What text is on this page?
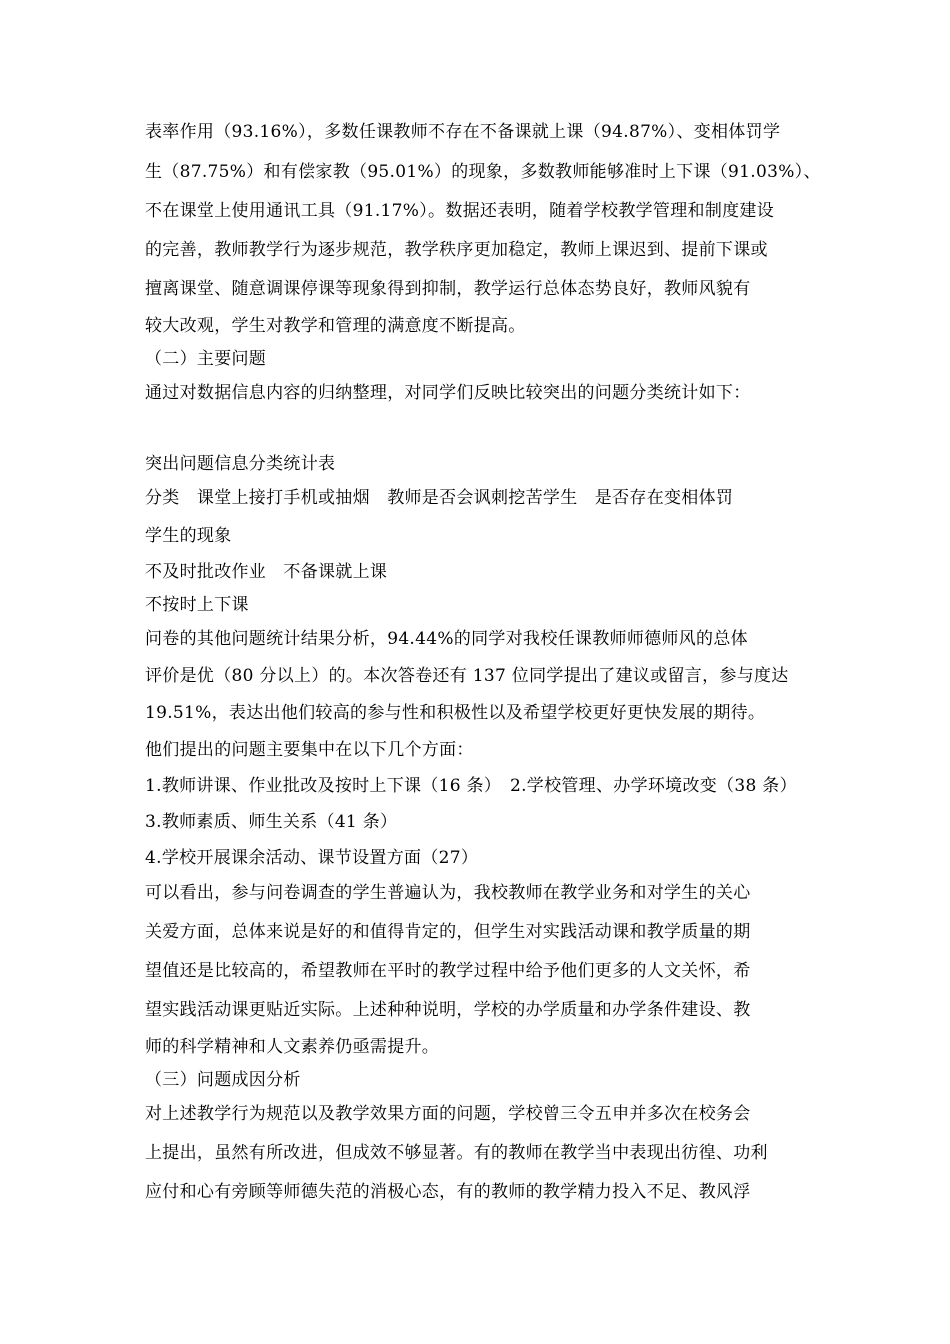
表率作用（93.16%），多数任课教师不存在不备课就上课（94.87%）、变相体罚学
生（87.75%）和有偿家教（95.01%）的现象，多数教师能够准时上下课（91.03%）、
不在课堂上使用通讯工具（91.17%）。数据还表明，随着学校教学管理和制度建设
的完善，教师教学行为逐步规范，教学秩序更加稳定，教师上课迟到、提前下课或
擅离课堂、随意调课停课等现象得到抑制，教学运行总体态势良好，教师风貌有
较大改观，学生对教学和管理的满意度不断提高。
（二）主要问题
通过对数据信息内容的归纳整理，对同学们反映比较突出的问题分类统计如下：
突出问题信息分类统计表
分类　课堂上接打手机或抽烟　教师是否会讽刺挖苦学生　是否存在变相体罚
学生的现象
不及时批改作业　不备课就上课
不按时上下课
问卷的其他问题统计结果分析，94.44%的同学对我校任课教师师德师风的总体
评价是优（80 分以上）的。本次答卷还有 137 位同学提出了建议或留言，参与度达
19.51%，表达出他们较高的参与性和积极性以及希望学校更好更快发展的期待。
他们提出的问题主要集中在以下几个方面：
1.教师讲课、作业批改及按时上下课（16 条）　2.学校管理、办学环境改变（38 条）
3.教师素质、师生关系（41 条）
4.学校开展课余活动、课节设置方面（27）
可以看出，参与问卷调查的学生普遍认为，我校教师在教学业务和对学生的关心
关爱方面，总体来说是好的和值得肯定的，但学生对实践活动课和教学质量的期
望值还是比较高的，希望教师在平时的教学过程中给予他们更多的人文关怀，希
望实践活动课更贴近实际。上述种种说明，学校的办学质量和办学条件建设、教
师的科学精神和人文素养仍亟需提升。
（三）问题成因分析
对上述教学行为规范以及教学效果方面的问题，学校曾三令五申并多次在校务会
上提出，虽然有所改进，但成效不够显著。有的教师在教学当中表现出彷徨、功利
应付和心有旁顾等师德失范的消极心态，有的教师的教学精力投入不足、教风浮
